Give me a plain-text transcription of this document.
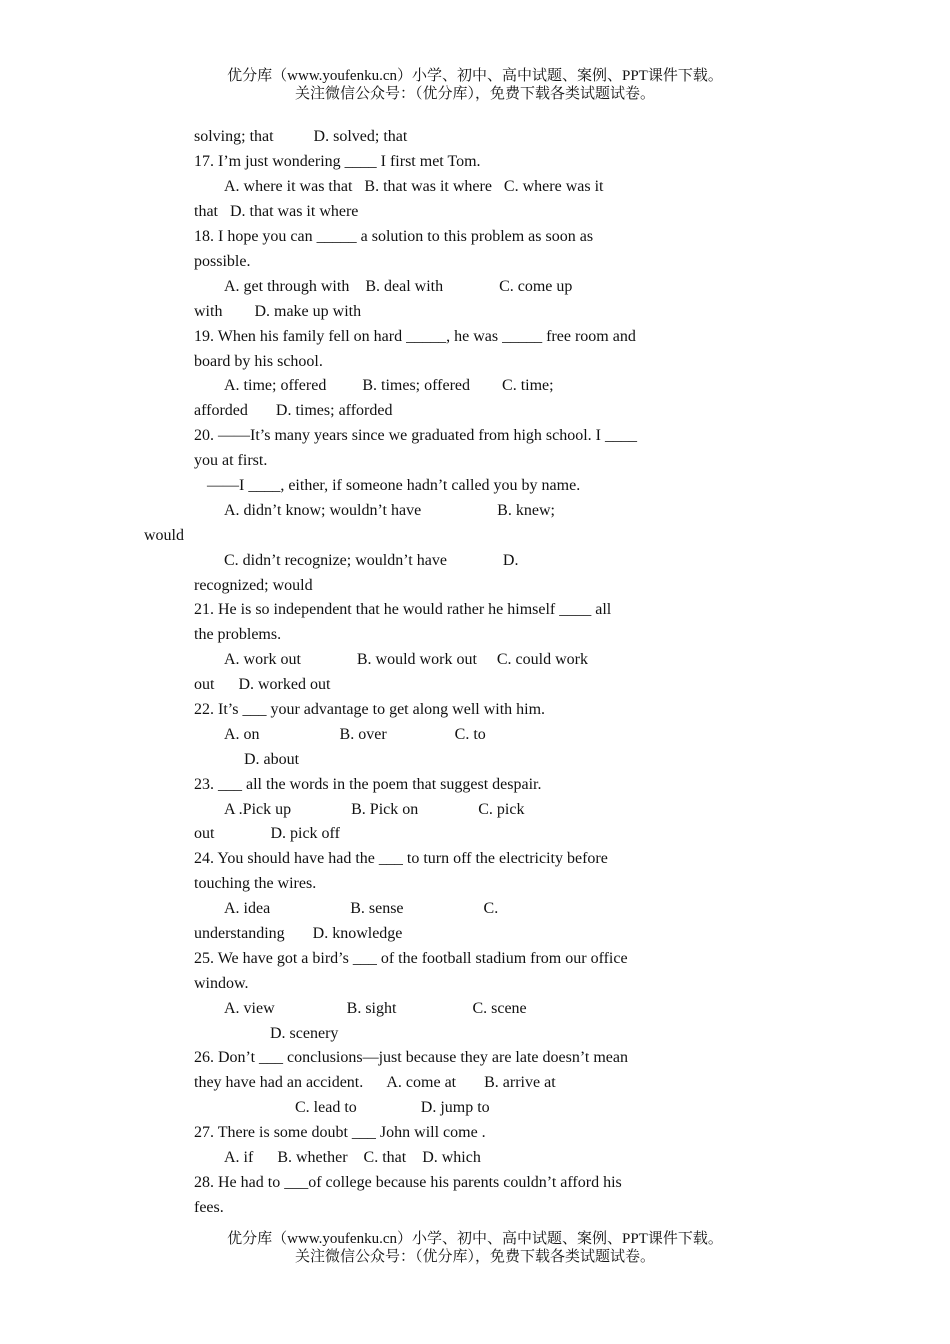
优分库（www.youfenku.cn）小学、初中、高中试题、案例、PPT课件下载。
关注微信公众号：（优分库），免费下载各类试题试卷。
solving; that          D. solved; that
17. I’m just wondering ____ I first met Tom.
A. where it was that   B. that was it where   C. where was it
that   D. that was it where
18. I hope you can _____ a solution to this problem as soon as
possible.
A. get through with    B. deal with              C. come up
with        D. make up with
19. When his family fell on hard _____, he was _____ free room and
board by his school.
A. time; offered         B. times; offered        C. time;
afforded       D. times; afforded
20. ——It’s many years since we graduated from high school. I ____
you at first.
——I ____, either, if someone hadn’t called you by name.
A. didn’t know; wouldn’t have                   B. knew;
would
C. didn’t recognize; wouldn’t have              D.
recognized; would
21. He is so independent that he would rather he himself ____ all
the problems.
A. work out              B. would work out     C. could work
out      D. worked out
22. It’s ___ your advantage to get along well with him.
A. on                    B. over                 C. to
D. about
23. ___ all the words in the poem that suggest despair.
A .Pick up               B. Pick on               C. pick
out              D. pick off
24. You should have had the ___ to turn off the electricity before
touching the wires.
A. idea                    B. sense                    C.
understanding       D. knowledge
25. We have got a bird’s ___ of the football stadium from our office
window.
A. view                  B. sight                   C. scene
D. scenery
26. Don’t ___ conclusions—just because they are late doesn’t mean
they have had an accident.      A. come at       B. arrive at
C. lead to                D. jump to
27. There is some doubt ___ John will come .
A. if      B. whether    C. that    D. which
28. He had to ___of college because his parents couldn’t afford his
fees.
优分库（www.youfenku.cn）小学、初中、高中试题、案例、PPT课件下载。
关注微信公众号：（优分库），免费下载各类试题试卷。
